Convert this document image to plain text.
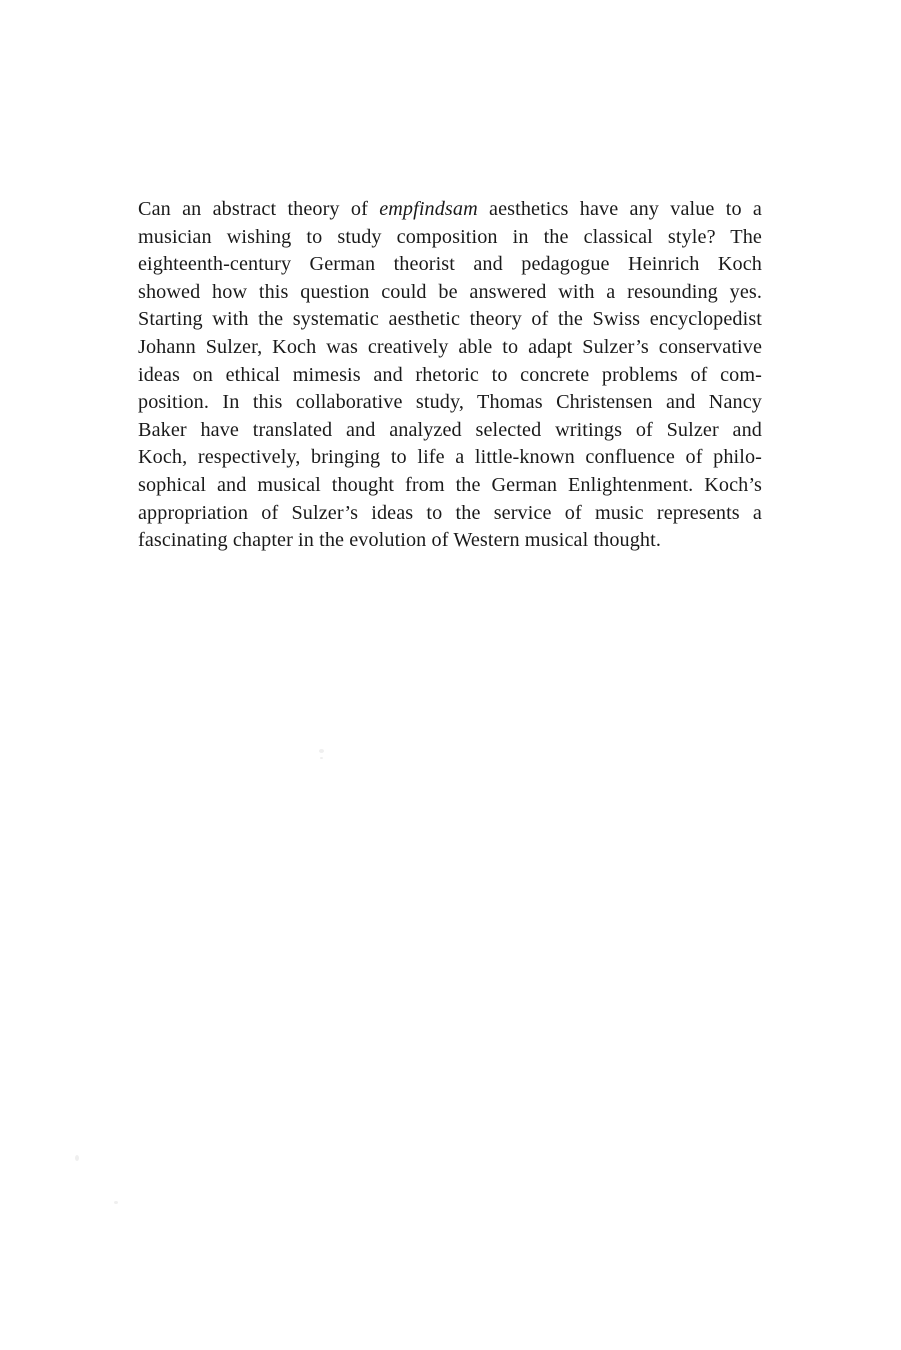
Can an abstract theory of empfindsam aesthetics have any value to a
musician wishing to study composition in the classical style? The
eighteenth-century German theorist and pedagogue Heinrich Koch
showed how this question could be answered with a resounding yes.
Starting with the systematic aesthetic theory of the Swiss encyclopedist
Johann Sulzer, Koch was creatively able to adapt Sulzer’s conservative
ideas on ethical mimesis and rhetoric to concrete problems of com-
position. In this collaborative study, Thomas Christensen and Nancy
Baker have translated and analyzed selected writings of Sulzer and
Koch, respectively, bringing to life a little-known confluence of philo-
sophical and musical thought from the German Enlightenment. Koch’s
appropriation of Sulzer’s ideas to the service of music represents a
fascinating chapter in the evolution of Western musical thought.
